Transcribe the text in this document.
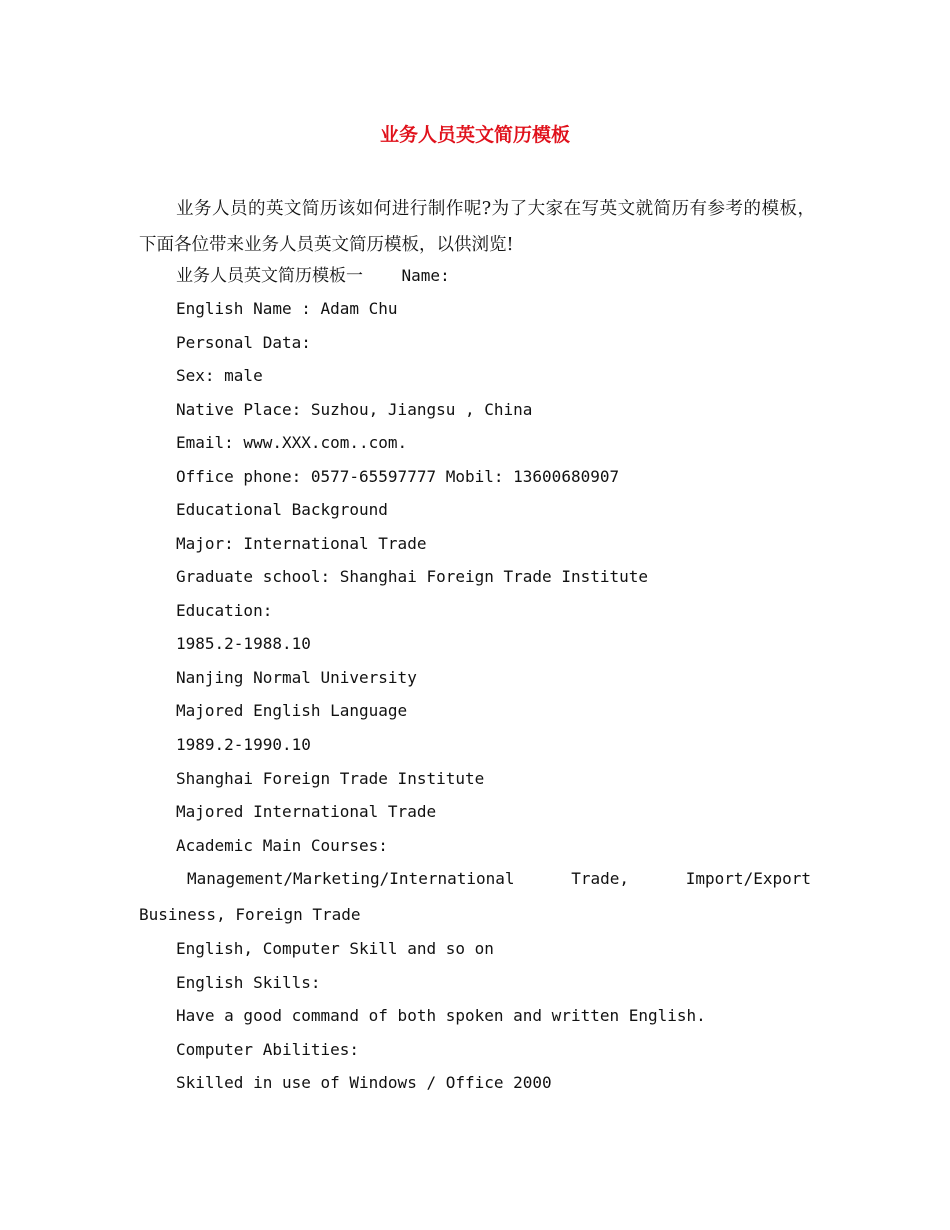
业务人员英文简历模板

业务人员的英文简历该如何进行制作呢?为了大家在写英文就简历有参考的模板，下面各位带来业务人员英文简历模板，以供浏览!

业务人员英文简历模板一 Name:
English Name : Adam Chu
Personal Data:
Sex: male
Native Place: Suzhou, Jiangsu , China
Email: www.XXX.com..com.
Office phone: 0577-65597777 Mobil: 13600680907
Educational Background
Major: International Trade
Graduate school: Shanghai Foreign Trade Institute
Education:
1985.2-1988.10
Nanjing Normal University
Majored English Language
1989.2-1990.10
Shanghai Foreign Trade Institute
Majored International Trade
Academic Main Courses:
Management/Marketing/International Trade, Import/Export Business, Foreign Trade
English, Computer Skill and so on
English Skills:
Have a good command of both spoken and written English.
Computer Abilities:
Skilled in use of Windows / Office 2000
